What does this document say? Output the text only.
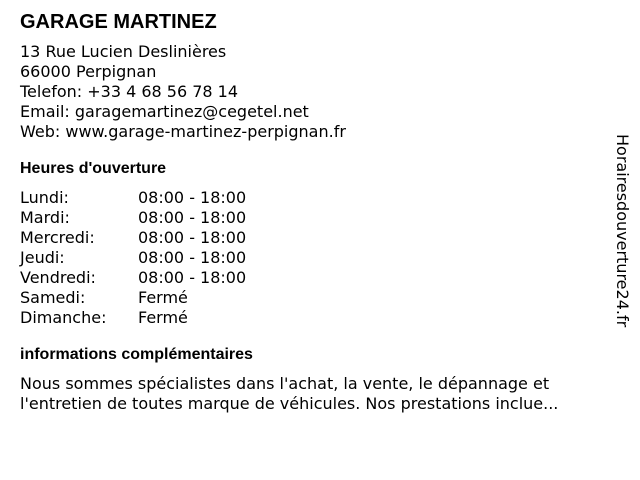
GARAGE MARTINEZ
13 Rue Lucien Deslinières
66000 Perpignan
Telefon: +33 4 68 56 78 14
Email: garagemartinez@cegetel.net
Web: www.garage-martinez-perpignan.fr
Heures d'ouverture
Lundi:	08:00 - 18:00
Mardi:	08:00 - 18:00
Mercredi:	08:00 - 18:00
Jeudi:	08:00 - 18:00
Vendredi:	08:00 - 18:00
Samedi:	Fermé
Dimanche:	Fermé
informations complémentaires
Nous sommes spécialistes dans l'achat, la vente, le dépannage et l'entretien de toutes marque de véhicules. Nos prestations inclue...
Horairesdouverture24.fr
